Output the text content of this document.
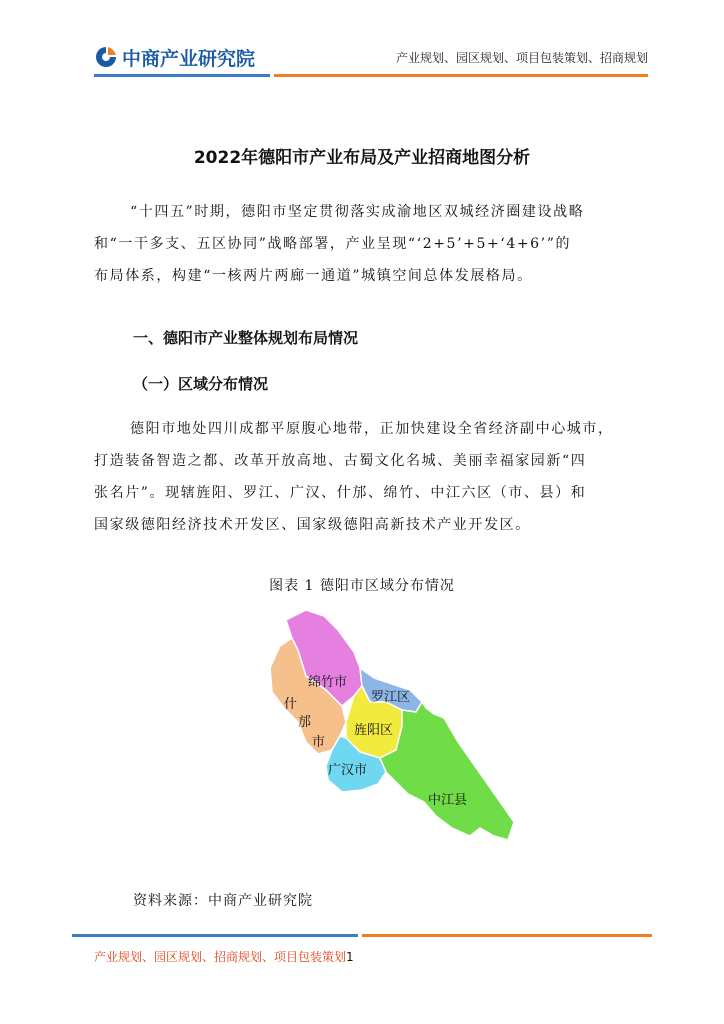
中商产业研究院	产业规划、园区规划、项目包装策划、招商规划
2022年德阳市产业布局及产业招商地图分析

“十四五”时期，德阳市坚定贯彻落实成渝地区双城经济圈建设战略
和“一干多支、五区协同”战略部署，产业呈现“‘2+5’+5+‘4+6’”的
布局体系，构建“一核两片两廊一通道”城镇空间总体发展格局。

一、德阳市产业整体规划布局情况
（一）区域分布情况

德阳市地处四川成都平原腹心地带，正加快建设全省经济副中心城市，
打造装备智造之都、改革开放高地、古蜀文化名城、美丽幸福家园新“四
张名片”。现辖旌阳、罗江、广汉、什邡、绵竹、中江六区（市、县）和
国家级德阳经济技术开发区、国家级德阳高新技术产业开发区。

图表 1 德阳市区域分布情况
绵竹市
罗江区
旌阳区
广汉市
中江县
什
邡
市
资料来源：中商产业研究院
产业规划、园区规划、招商规划、项目包装策划1
